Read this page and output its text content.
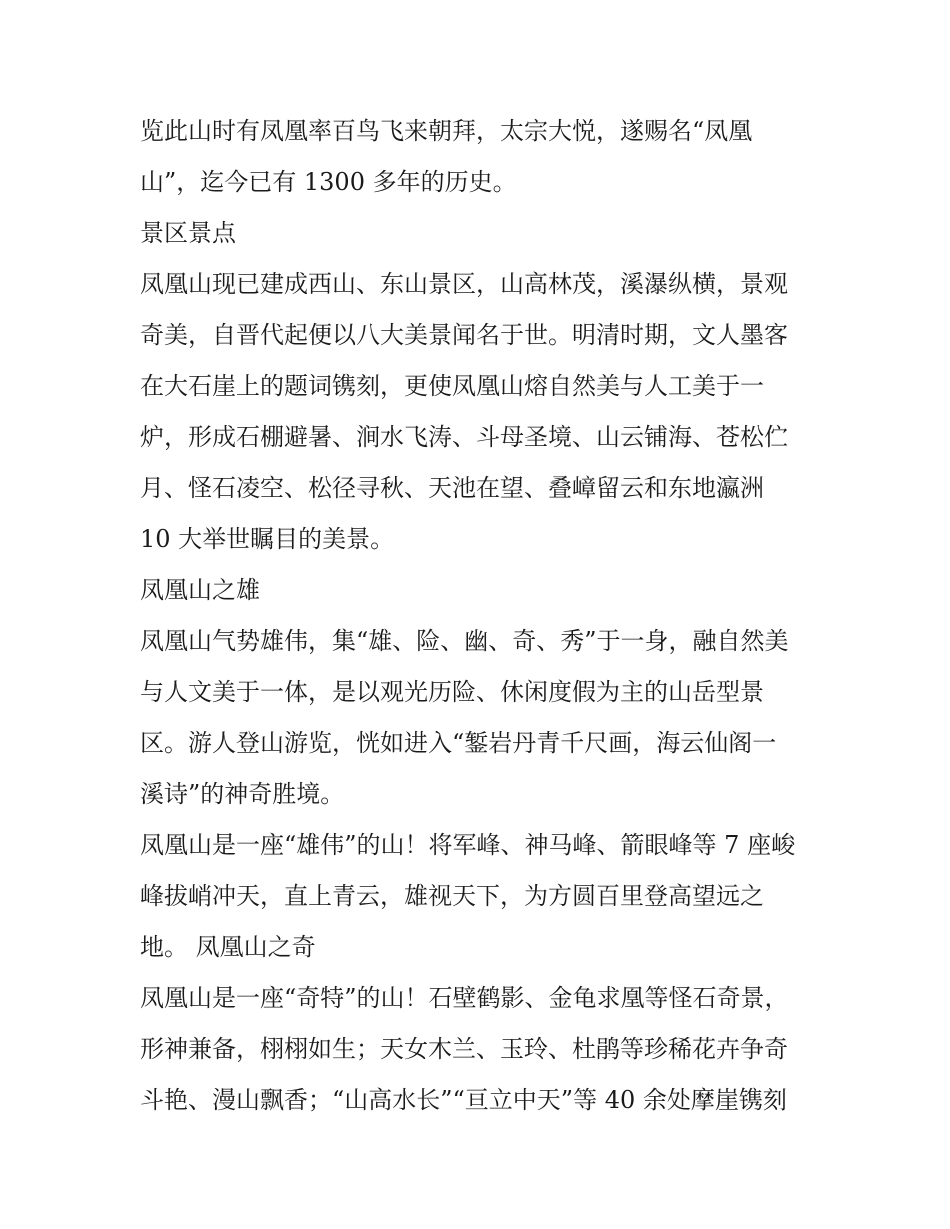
览此山时有凤凰率百鸟飞来朝拜，太宗大悦，遂赐名“凤凰
山”，迄今已有 1300 多年的历史。
景区景点
凤凰山现已建成西山、东山景区，山高林茂，溪瀑纵横，景观
奇美，自晋代起便以八大美景闻名于世。明清时期，文人墨客
在大石崖上的题词镌刻，更使凤凰山熔自然美与人工美于一
炉，形成石棚避暑、涧水飞涛、斗母圣境、山云铺海、苍松伫
月、怪石凌空、松径寻秋、天池在望、叠嶂留云和东地瀛洲
10 大举世瞩目的美景。
凤凰山之雄
凤凰山气势雄伟，集“雄、险、幽、奇、秀”于一身，融自然美
与人文美于一体，是以观光历险、休闲度假为主的山岳型景
区。游人登山游览，恍如进入“錾岩丹青千尺画，海云仙阁一
溪诗”的神奇胜境。
凤凰山是一座“雄伟”的山！将军峰、神马峰、箭眼峰等 7 座峻
峰拔峭冲天，直上青云，雄视天下，为方圆百里登高望远之
地。 凤凰山之奇
凤凰山是一座“奇特”的山！石壁鹤影、金龟求凰等怪石奇景，
形神兼备，栩栩如生；天女木兰、玉玲、杜鹃等珍稀花卉争奇
斗艳、漫山飘香；“山高水长”“亘立中天”等 40 余处摩崖镌刻
